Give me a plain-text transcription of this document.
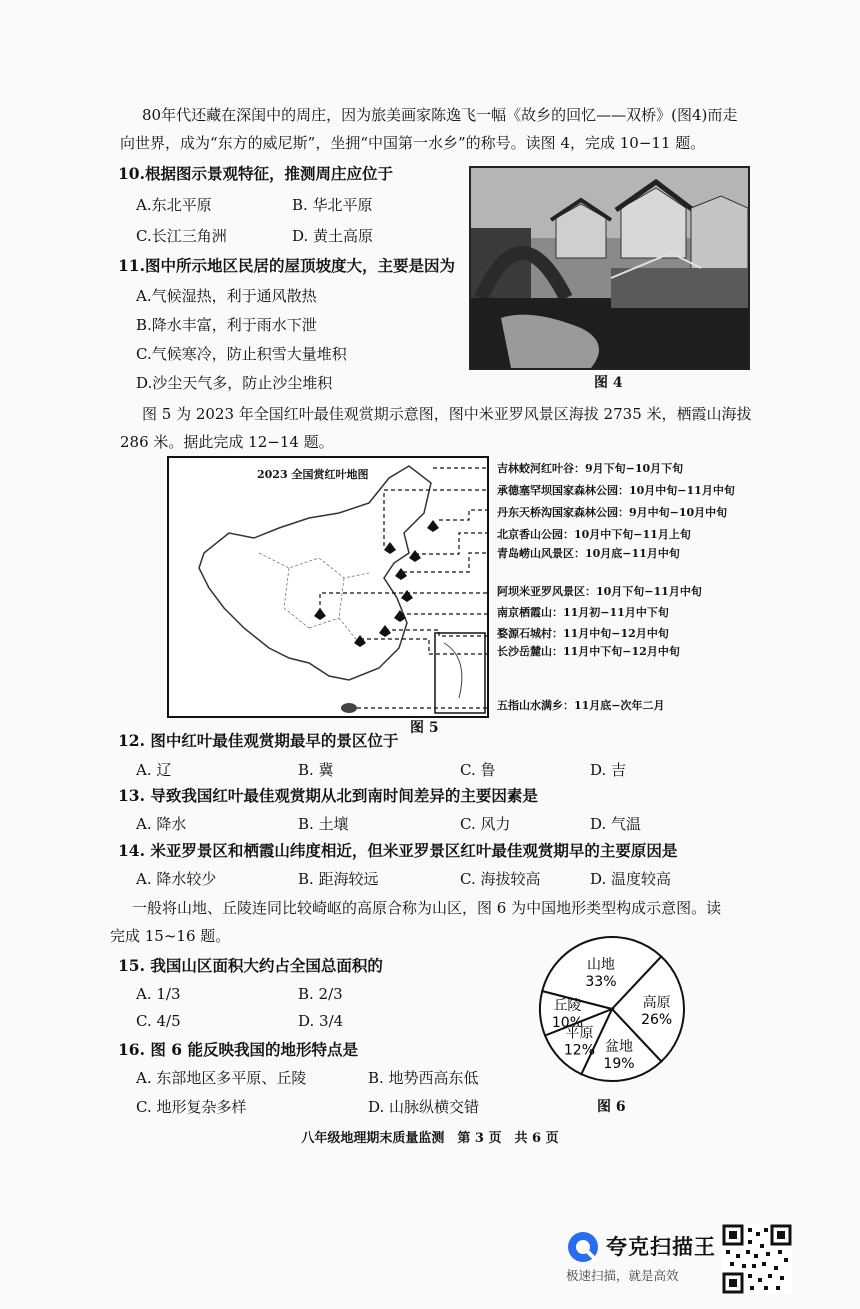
80年代还藏在深闺中的周庄，因为旅美画家陈逸飞一幅《故乡的回忆——双桥》(图4)而走
向世界，成为“东方的威尼斯”，坐拥“中国第一水乡”的称号。读图 4，完成 10−11 题。
10.根据图示景观特征，推测周庄应位于
A.东北平原	B. 华北平原
C.长江三角洲	D. 黄土高原
11.图中所示地区民居的屋顶坡度大，主要是因为
A.气候湿热，利于通风散热
B.降水丰富，利于雨水下泄
C.气候寒冷，防止积雪大量堆积
D.沙尘天气多，防止沙尘堆积	图 4
图 5 为 2023 年全国红叶最佳观赏期示意图，图中米亚罗风景区海拔 2735 米，栖霞山海拔
286 米。据此完成 12−14 题。
2023 全国赏红叶地图	吉林蛟河红叶谷：9月下旬−10月下旬
承德塞罕坝国家森林公园：10月中旬−11月中旬
丹东天桥沟国家森林公园：9月中旬−10月中旬
北京香山公园：10月中下旬−11月上旬
青岛崂山风景区：10月底−11月中旬
阿坝米亚罗风景区：10月下旬−11月中旬
南京栖霞山：11月初−11月中下旬
婺源石城村：11月中旬−12月中旬
长沙岳麓山：11月中下旬−12月中旬
五指山水满乡：11月底−次年二月
图 5
12. 图中红叶最佳观赏期最早的景区位于
A. 辽	B. 冀	C. 鲁	D. 吉
13. 导致我国红叶最佳观赏期从北到南时间差异的主要因素是
A. 降水	B. 土壤	C. 风力	D. 气温
14. 米亚罗景区和栖霞山纬度相近，但米亚罗景区红叶最佳观赏期早的主要原因是
A. 降水较少	B. 距海较远	C. 海拔较高	D. 温度较高
一般将山地、丘陵连同比较崎岖的高原合称为山区，图 6 为中国地形类型构成示意图。读
完成 15~16 题。
15. 我国山区面积大约占全国总面积的
A. 1/3	B. 2/3
C. 4/5	D. 3/4
16. 图 6 能反映我国的地形特点是
A. 东部地区多平原、丘陵	B. 地势西高东低
C. 地形复杂多样	D. 山脉纵横交错
山地
33%
高原
26%
盆地
19%
平原
12%
丘陵
10%
图 6
八年级地理期末质量监测　第 3 页　共 6 页
夸克扫描王
极速扫描，就是高效
